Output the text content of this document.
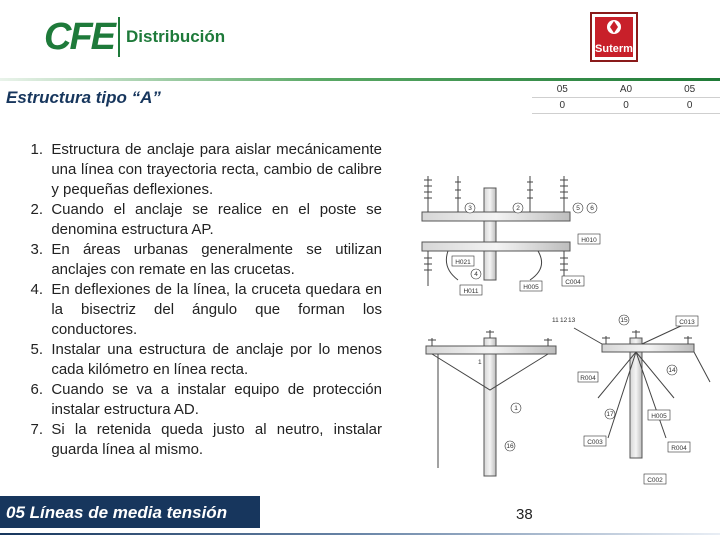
CFE Distribución
Suterm
Estructura tipo “A”	05	A0	05
0	0	0
1.
Estructura de anclaje para aislar mecánicamente una línea con trayectoria recta, cambio de calibre y pequeñas deflexiones.
2.
Cuando el anclaje se realice en el poste se denomina estructura AP.
3.
En áreas urbanas generalmente se utilizan anclajes con remate en las crucetas.
4.
En deflexiones de la línea, la cruceta quedara en la bisectriz del ángulo que forman los conductores.
5.
Instalar una estructura de anclaje por lo menos cada kilómetro en línea recta.
6.
Cuando se va a instalar equipo de protección instalar estructura AD.
7.
Si la retenida queda justo al neutro, instalar guarda línea al mismo.
3	2	5 6
H010
H021
4
H011
H005
C004
11 12 13	15	C013
R004
14
1
17	H005
C003
R004
16
C002
1
05 Líneas de media tensión	38
